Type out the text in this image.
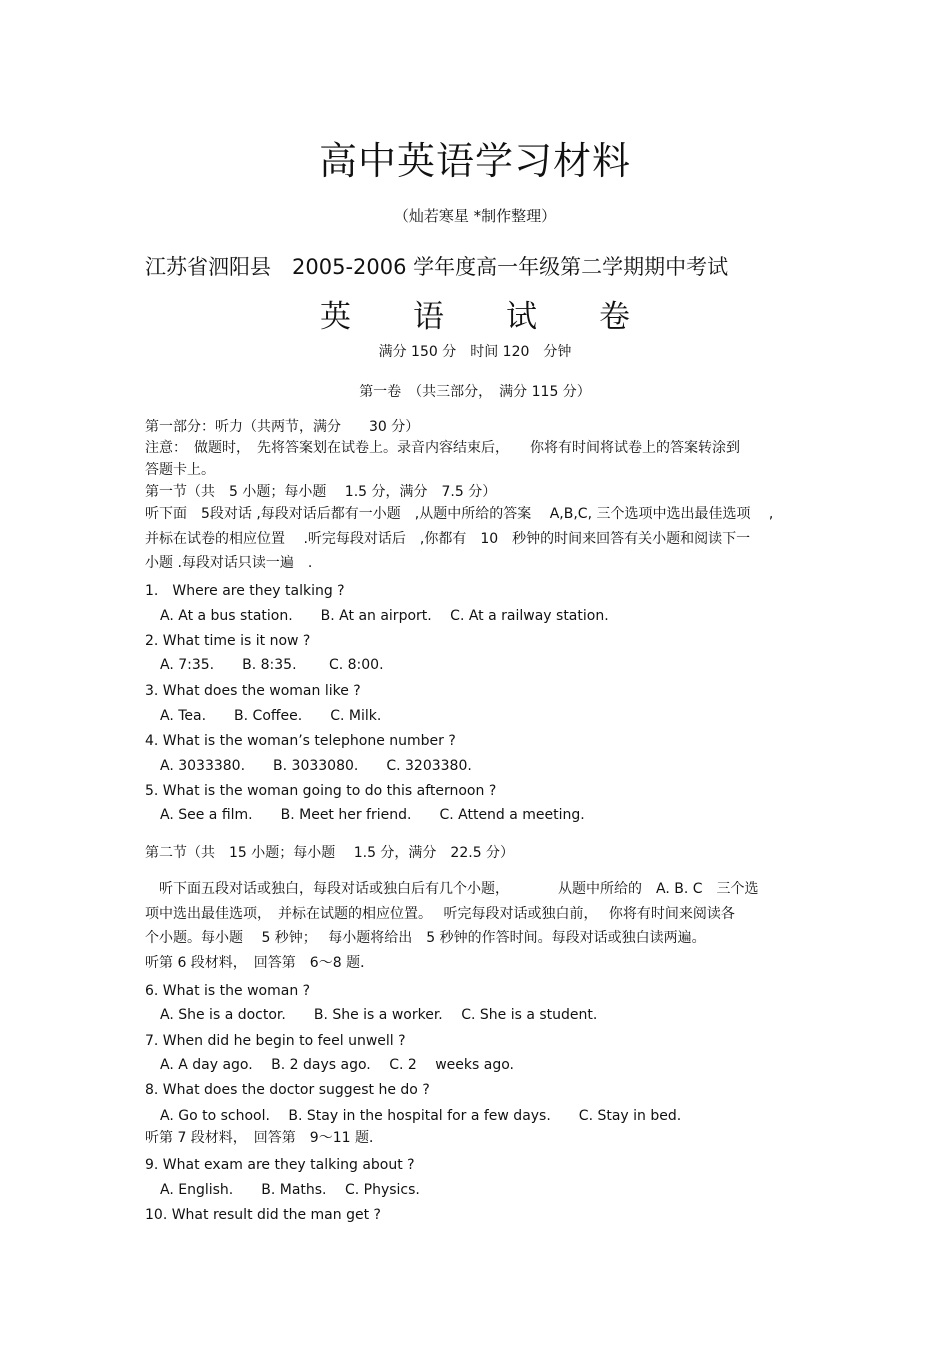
高中英语学习材料
（灿若寒星 *制作整理）
江苏省泗阳县　2005-2006 学年度高一年级第二学期期中考试
英　　语　　试　　卷
满分 150 分　时间 120　分钟
第一卷　（共三部分，　满分 115 分）
第一部分：听力（共两节，满分　　30 分）
注意：　做题时，　先将答案划在试卷上。录音内容结束后，　　你将有时间将试卷上的答案转涂到
答题卡上。
第一节（共　5 小题；每小题　 1.5 分，满分　7.5 分）
听下面　5段对话 ,每段对话后都有一小题　,从题中所给的答案　 A,B,C, 三个选项中选出最佳选项　 ,
并标在试卷的相应位置　 .听完每段对话后　,你都有　10　秒钟的时间来回答有关小题和阅读下一
小题 .每段对话只读一遍　.
1.　Where are they talking ?
A. At a bus station.　　B. At an airport.　 C. At a railway station.
2. What time is it now ?
A. 7:35.　　B. 8:35.　　 C. 8:00.
3. What does the woman like ?
A. Tea.　　B. Coffee.　　C. Milk.
4. What is the woman’s telephone number ?
A. 3033380.　　B. 3033080.　　C. 3203380.
5. What is the woman going to do this afternoon ?
A. See a film.　　B. Meet her friend.　　C. Attend a meeting.
第二节（共　15 小题；每小题　 1.5 分，满分　22.5 分）
　听下面五段对话或独白，每段对话或独白后有几个小题，　　　　从题中所给的　A. B. C　三个选
项中选出最佳选项，　并标在试题的相应位置。　 听完每段对话或独白前，　 你将有时间来阅读各
个小题。每小题　 5 秒钟；　 每小题将给出　5 秒钟的作答时间。每段对话或独白读两遍。
听第 6 段材料，　回答第　6～8 题．
6. What is the woman ?
A. She is a doctor.　　B. She is a worker.　 C. She is a student.
7. When did he begin to feel unwell ?
A. A day ago.　 B. 2 days ago.　 C. 2　 weeks ago.
8. What does the doctor suggest he do ?
A. Go to school.　 B. Stay in the hospital for a few days.　　C. Stay in bed.
听第 7 段材料，　回答第　9～11 题．
9. What exam are they talking about ?
A. English.　　B. Maths.　 C. Physics.
10. What result did the man get ?
